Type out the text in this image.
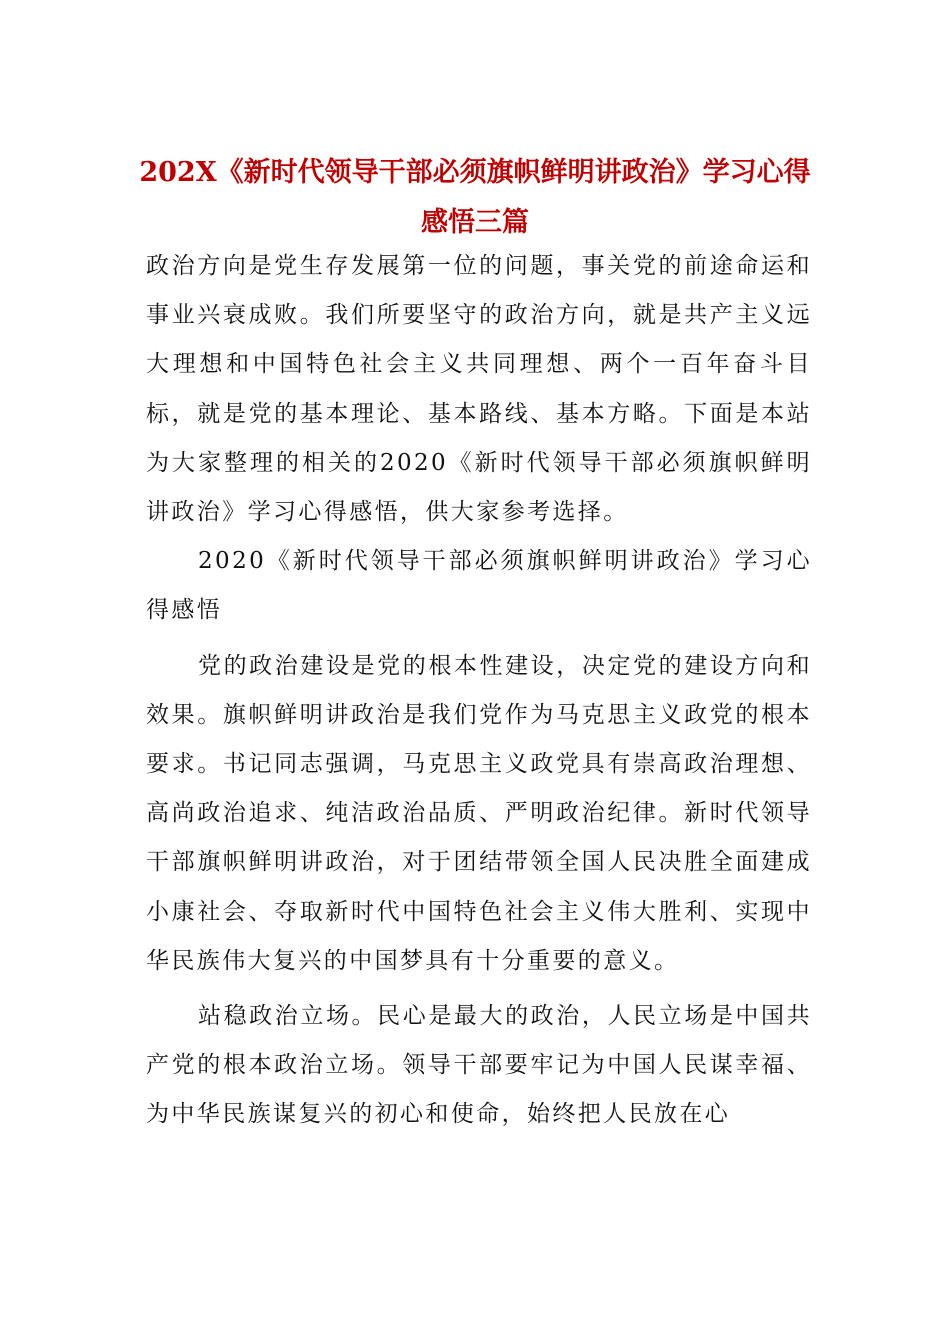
202X《新时代领导干部必须旗帜鲜明讲政治》学习心得感悟三篇

政治方向是党生存发展第一位的问题，事关党的前途命运和事业兴衰成败。我们所要坚守的政治方向，就是共产主义远大理想和中国特色社会主义共同理想、两个一百年奋斗目标，就是党的基本理论、基本路线、基本方略。下面是本站为大家整理的相关的2020《新时代领导干部必须旗帜鲜明讲政治》学习心得感悟，供大家参考选择。

2020《新时代领导干部必须旗帜鲜明讲政治》学习心得感悟

党的政治建设是党的根本性建设，决定党的建设方向和效果。旗帜鲜明讲政治是我们党作为马克思主义政党的根本要求。书记同志强调，马克思主义政党具有崇高政治理想、高尚政治追求、纯洁政治品质、严明政治纪律。新时代领导干部旗帜鲜明讲政治，对于团结带领全国人民决胜全面建成小康社会、夺取新时代中国特色社会主义伟大胜利、实现中华民族伟大复兴的中国梦具有十分重要的意义。

站稳政治立场。民心是最大的政治，人民立场是中国共产党的根本政治立场。领导干部要牢记为中国人民谋幸福、为中华民族谋复兴的初心和使命，始终把人民放在心
